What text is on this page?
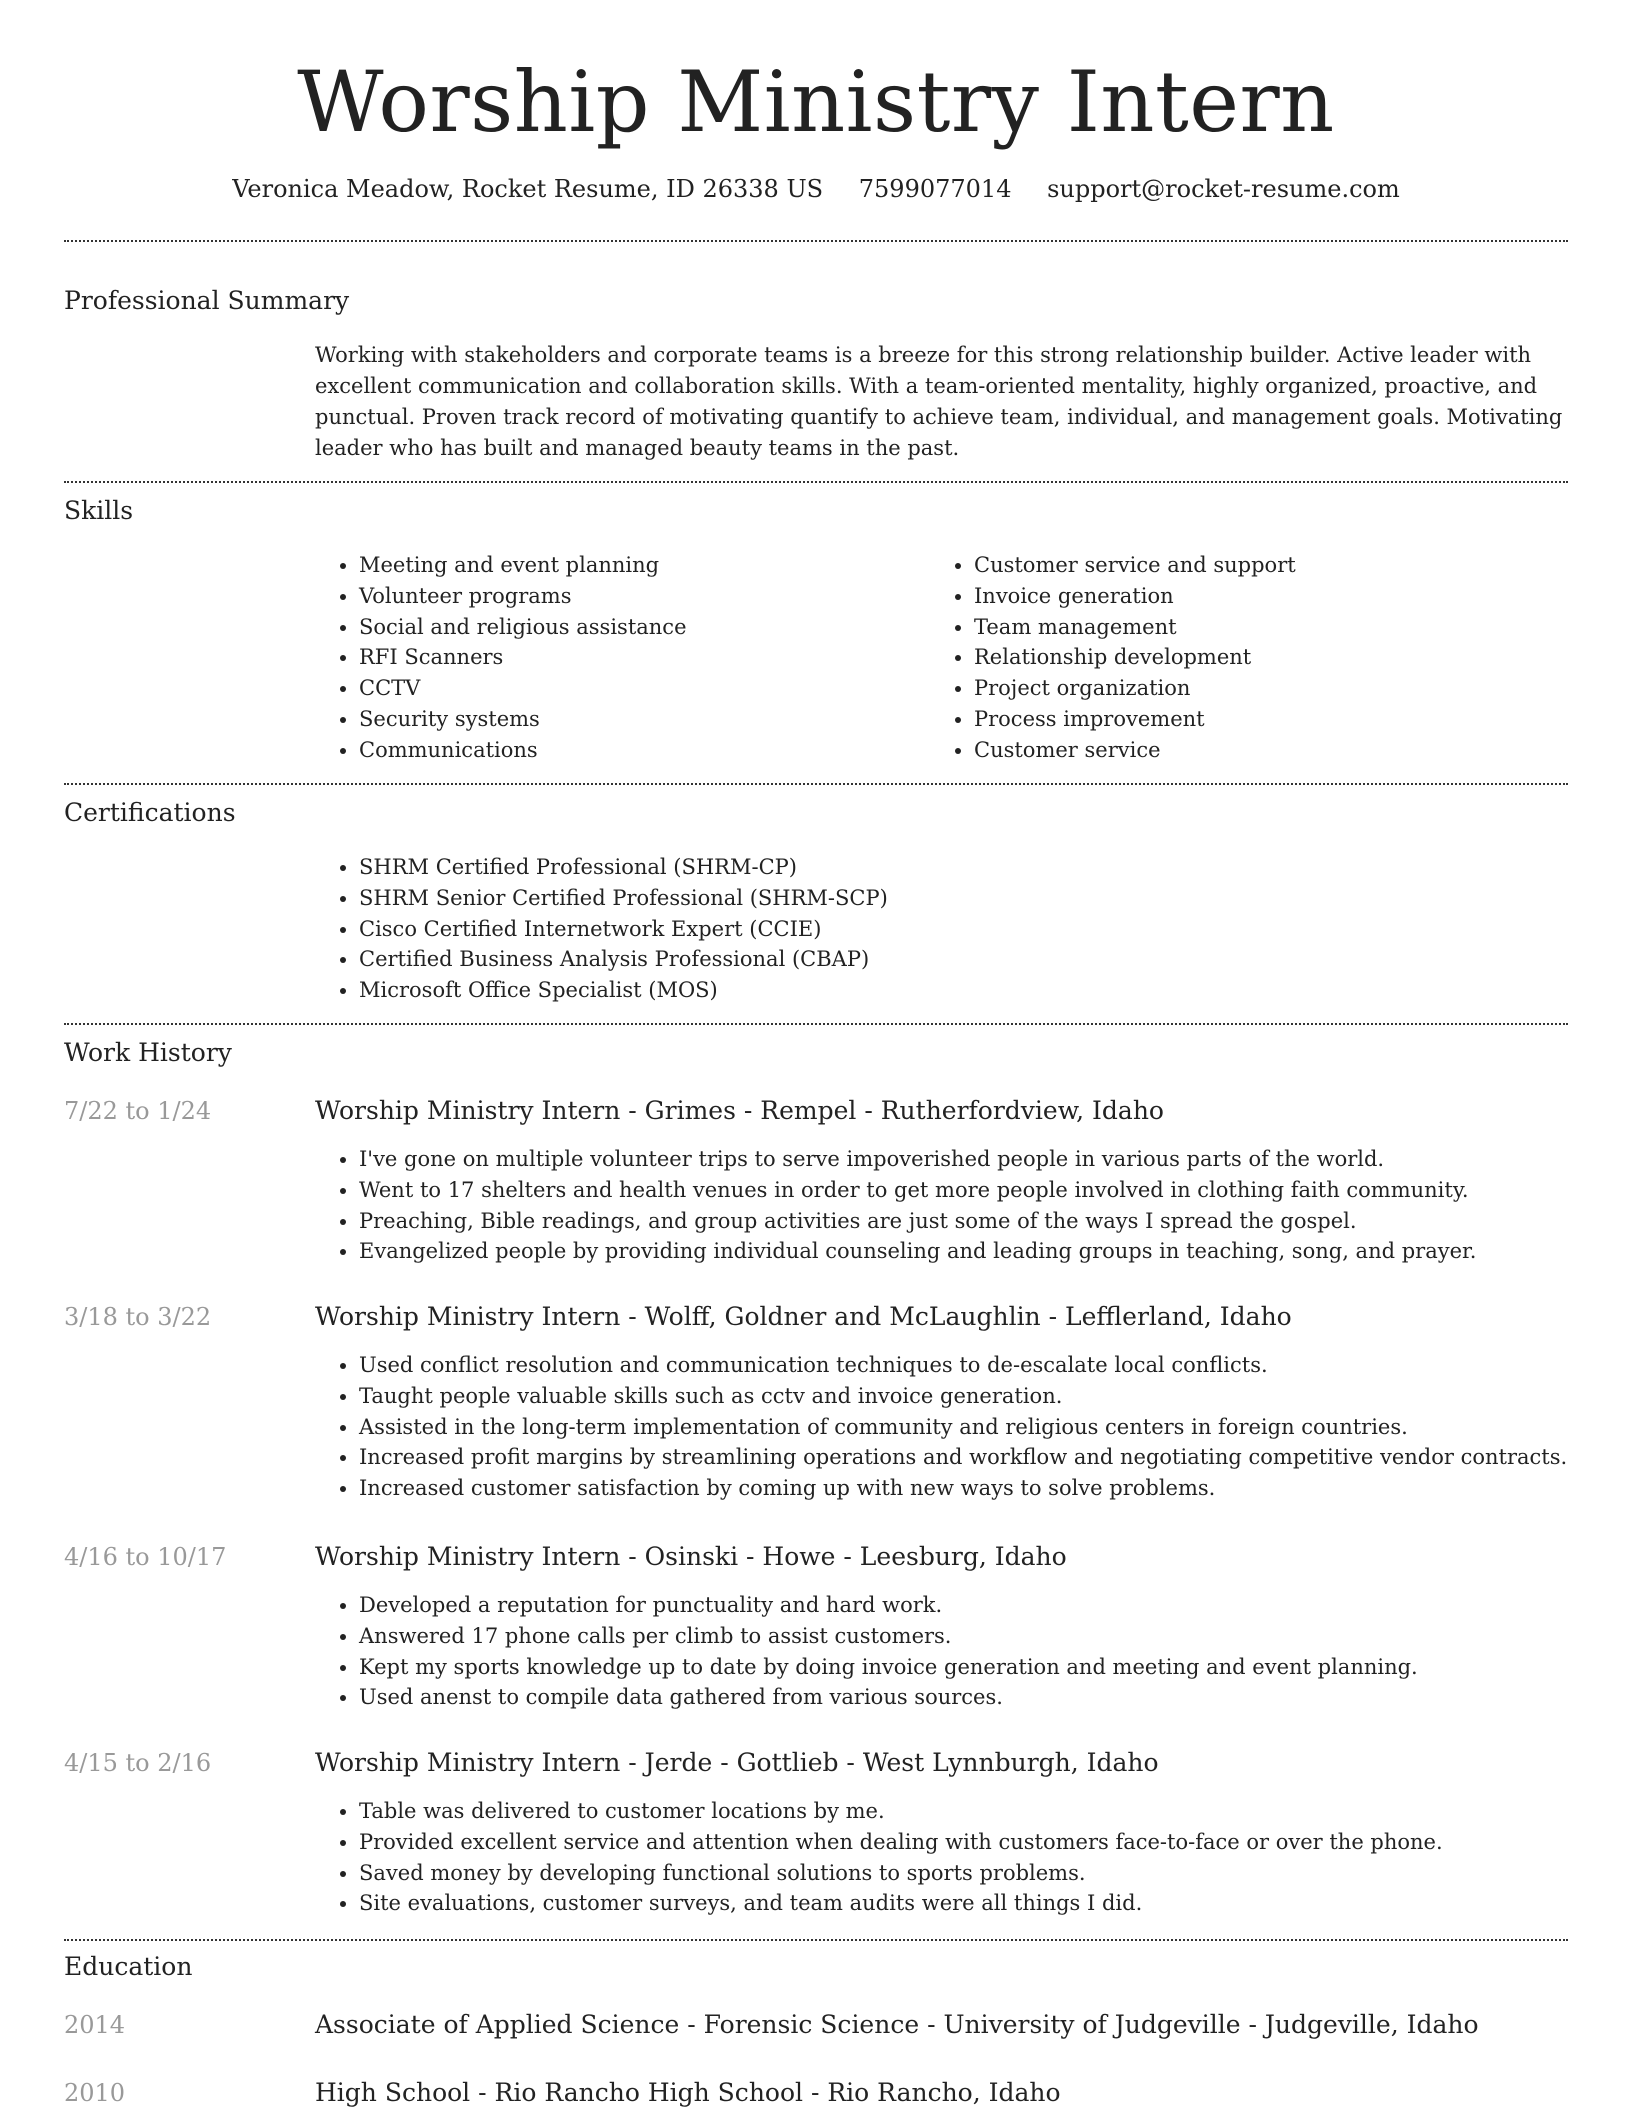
Worship Ministry Intern
Veronica Meadow, Rocket Resume, ID 26338 US 7599077014 support@rocket-resume.com
Professional Summary

Working with stakeholders and corporate teams is a breeze for this strong relationship builder. Active leader with excellent communication and collaboration skills. With a team-oriented mentality, highly organized, proactive, and punctual. Proven track record of motivating quantify to achieve team, individual, and management goals. Motivating leader who has built and managed beauty teams in the past.

Skills
• Meeting and event planning
• Volunteer programs
• Social and religious assistance
• RFI Scanners
• CCTV
• Security systems
• Communications
• Customer service and support
• Invoice generation
• Team management
• Relationship development
• Project organization
• Process improvement
• Customer service
Certifications
• SHRM Certified Professional (SHRM-CP)
• SHRM Senior Certified Professional (SHRM-SCP)
• Cisco Certified Internetwork Expert (CCIE)
• Certified Business Analysis Professional (CBAP)
• Microsoft Office Specialist (MOS)
Work History
7/22 to 1/24	Worship Ministry Intern - Grimes - Rempel - Rutherfordview, Idaho
• I've gone on multiple volunteer trips to serve impoverished people in various parts of the world.
• Went to 17 shelters and health venues in order to get more people involved in clothing faith community.
• Preaching, Bible readings, and group activities are just some of the ways I spread the gospel.
• Evangelized people by providing individual counseling and leading groups in teaching, song, and prayer.
3/18 to 3/22	Worship Ministry Intern - Wolff, Goldner and McLaughlin - Lefflerland, Idaho
• Used conflict resolution and communication techniques to de-escalate local conflicts.
• Taught people valuable skills such as cctv and invoice generation.
• Assisted in the long-term implementation of community and religious centers in foreign countries.
• Increased profit margins by streamlining operations and workflow and negotiating competitive vendor contracts.
• Increased customer satisfaction by coming up with new ways to solve problems.
4/16 to 10/17	Worship Ministry Intern - Osinski - Howe - Leesburg, Idaho
• Developed a reputation for punctuality and hard work.
• Answered 17 phone calls per climb to assist customers.
• Kept my sports knowledge up to date by doing invoice generation and meeting and event planning.
• Used anenst to compile data gathered from various sources.
4/15 to 2/16	Worship Ministry Intern - Jerde - Gottlieb - West Lynnburgh, Idaho
• Table was delivered to customer locations by me.
• Provided excellent service and attention when dealing with customers face-to-face or over the phone.
• Saved money by developing functional solutions to sports problems.
• Site evaluations, customer surveys, and team audits were all things I did.
Education
2014	Associate of Applied Science - Forensic Science - University of Judgeville - Judgeville, Idaho
2010	High School - Rio Rancho High School - Rio Rancho, Idaho
